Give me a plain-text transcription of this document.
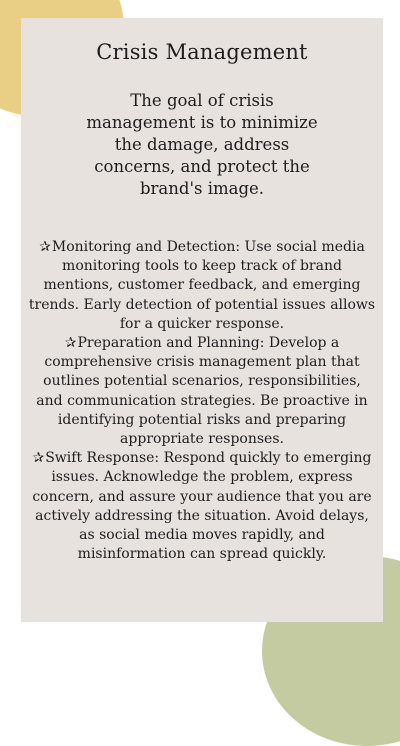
Crisis Management

The goal of crisis management is to minimize the damage, address concerns, and protect the brand's image.

✰Monitoring and Detection: Use social media monitoring tools to keep track of brand mentions, customer feedback, and emerging trends. Early detection of potential issues allows for a quicker response.

✰Preparation and Planning: Develop a comprehensive crisis management plan that outlines potential scenarios, responsibilities, and communication strategies. Be proactive in identifying potential risks and preparing appropriate responses.

✰Swift Response: Respond quickly to emerging issues. Acknowledge the problem, express concern, and assure your audience that you are actively addressing the situation. Avoid delays, as social media moves rapidly, and misinformation can spread quickly.
